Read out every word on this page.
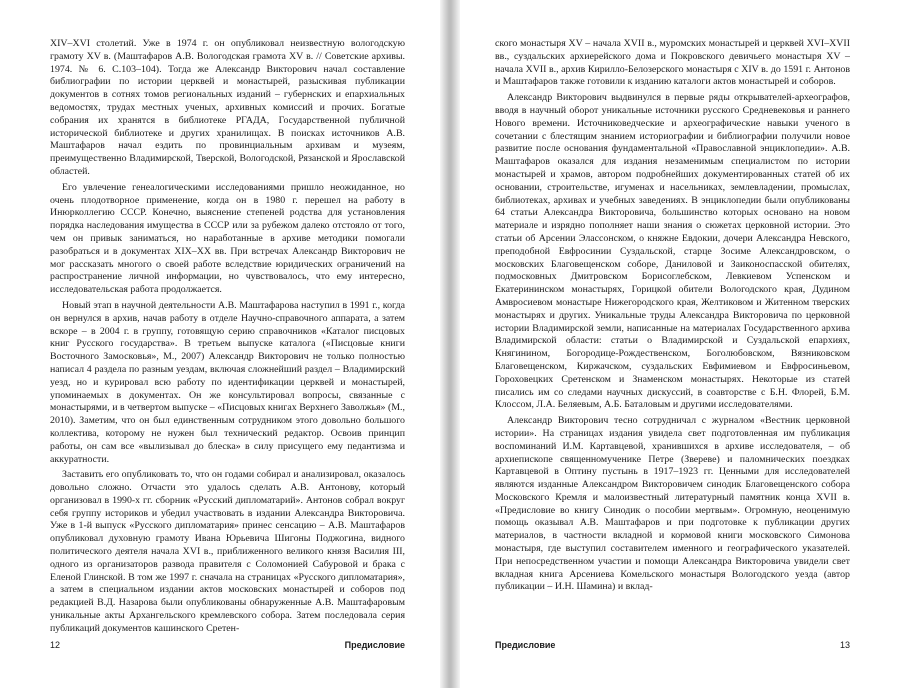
XIV–XVI столетий. Уже в 1974 г. он опубликовал неизвестную вологодскую грамоту XV в. (Маштафаров А.В. Вологодская грамота XV в. // Советские архивы. 1974. № 6. С.103–104). Тогда же Александр Викторович начал составление библиографии по истории церквей и монастырей, разыскивая публикации документов в сотнях томов региональных изданий – губернских и епархиальных ведомостях, трудах местных ученых, архивных комиссий и прочих. Богатые собрания их хранятся в библиотеке РГАДА, Государственной публичной исторической библиотеке и других хранилищах. В поисках источников А.В. Маштафаров начал ездить по провинциальным архивам и музеям, преимущественно Владимирской, Тверской, Вологодской, Рязанской и Ярославской областей.

Его увлечение генеалогическими исследованиями пришло неожиданное, но очень плодотворное применение, когда он в 1980 г. перешел на работу в Инюрколлегию СССР. Конечно, выяснение степеней родства для установления порядка наследования имущества в СССР или за рубежом далеко отстояло от того, чем он привык заниматься, но наработанные в архиве методики помогали разобраться и в документах XIX–XX вв. При встречах Александр Викторович не мог рассказать многого о своей работе вследствие юридических ограничений на распространение личной информации, но чувствовалось, что ему интересно, исследовательская работа продолжается.

Новый этап в научной деятельности А.В. Маштафарова наступил в 1991 г., когда он вернулся в архив, начав работу в отделе Научно-справочного аппарата, а затем вскоре – в 2004 г. в группу, готовящую серию справочников «Каталог писцовых книг Русского государства». В третьем выпуске каталога («Писцовые книги Восточного Замосковья», М., 2007) Александр Викторович не только полностью написал 4 раздела по разным уездам, включая сложнейший раздел – Владимирский уезд, но и курировал всю работу по идентификации церквей и монастырей, упоминаемых в документах. Он же консультировал вопросы, связанные с монастырями, и в четвертом выпуске – «Писцовых книгах Верхнего Заволжья» (М., 2010). Заметим, что он был единственным сотрудником этого довольно большого коллектива, которому не нужен был технический редактор. Освоив принцип работы, он сам все «вылизывал до блеска» в силу присущего ему педантизма и аккуратности.

Заставить его опубликовать то, что он годами собирал и анализировал, оказалось довольно сложно. Отчасти это удалось сделать А.В. Антонову, который организовал в 1990-х гг. сборник «Русский дипломатарий». Антонов собрал вокруг себя группу историков и убедил участвовать в издании Александра Викторовича. Уже в 1-й выпуск «Русского дипломатария» принес сенсацию – А.В. Маштафаров опубликовал духовную грамоту Ивана Юрьевича Шигоны Поджогина, видного политического деятеля начала XVI в., приближенного великого князя Василия III, одного из организаторов развода правителя с Соломонией Сабуровой и брака с Еленой Глинской. В том же 1997 г. сначала на страницах «Русского дипломатария», а затем в специальном издании актов московских монастырей и соборов под редакцией В.Д. Назарова были опубликованы обнаруженные А.В. Маштафаровым уникальные акты Архангельского кремлевского собора. Затем последовала серия публикаций документов кашинского Сретен-

12	Предисловие

ского монастыря XV – начала XVII в., муромских монастырей и церквей XVI–XVII вв., суздальских архиерейского дома и Покровского девичьего монастыря XV – начала XVII в., архив Кирилло-Белозерского монастыря с XIV в. до 1591 г. Антонов и Маштафаров также готовили к изданию каталоги актов монастырей и соборов.

Александр Викторович выдвинулся в первые ряды открывателей-археографов, вводя в научный оборот уникальные источники русского Средневековья и раннего Нового времени. Источниковедческие и археографические навыки ученого в сочетании с блестящим знанием историографии и библиографии получили новое развитие после основания фундаментальной «Православной энциклопедии». А.В. Маштафаров оказался для издания незаменимым специалистом по истории монастырей и храмов, автором подробнейших документированных статей об их основании, строительстве, игуменах и насельниках, землевладении, промыслах, библиотеках, архивах и учебных заведениях. В энциклопедии были опубликованы 64 статьи Александра Викторовича, большинство которых основано на новом материале и изрядно пополняет наши знания о сюжетах церковной истории. Это статьи об Арсении Элассонском, о княжне Евдокии, дочери Александра Невского, преподобной Евфросинии Суздальской, старце Зосиме Александровском, о московских Благовещенском соборе, Даниловой и Заиконоспасской обителях, подмосковных Дмитровском Борисоглебском, Левкиевом Успенском и Екатерининском монастырях, Горицкой обители Вологодского края, Дудином Амвросиевом монастыре Нижегородского края, Желтиковом и Житенном тверских монастырях и других. Уникальные труды Александра Викторовича по церковной истории Владимирской земли, написанные на материалах Государственного архива Владимирской области: статьи о Владимирской и Суздальской епархиях, Княгинином, Богородице-Рождественском, Боголюбовском, Вязниковском Благовещенском, Киржачском, суздальских Евфимиевом и Евфросиньевом, Гороховецких Сретенском и Знаменском монастырях. Некоторые из статей писались им со следами научных дискуссий, в соавторстве с Б.Н. Флорей, Б.М. Клоссом, Л.А. Беляевым, А.Б. Баталовым и другими исследователями.

Александр Викторович тесно сотрудничал с журналом «Вестник церковной истории». На страницах издания увидела свет подготовленная им публикация воспоминаний И.М. Картавцевой, хранившихся в архиве исследователя, – об архиепископе священномученике Петре (Звереве) и паломнических поездках Картавцевой в Оптину пустынь в 1917–1923 гг. Ценными для исследователей являются изданные Александром Викторовичем синодик Благовещенского собора Московского Кремля и малоизвестный литературный памятник конца XVII в. «Предисловие во книгу Синодик о пособии мертвым». Огромную, неоценимую помощь оказывал А.В. Маштафаров и при подготовке к публикации других материалов, в частности вкладной и кормовой книги московского Симонова монастыря, где выступил составителем именного и географического указателей. При непосредственном участии и помощи Александра Викторовича увидели свет вкладная книга Арсениева Комельского монастыря Вологодского уезда (автор публикации – И.Н. Шамина) и вклад-

Предисловие	13
